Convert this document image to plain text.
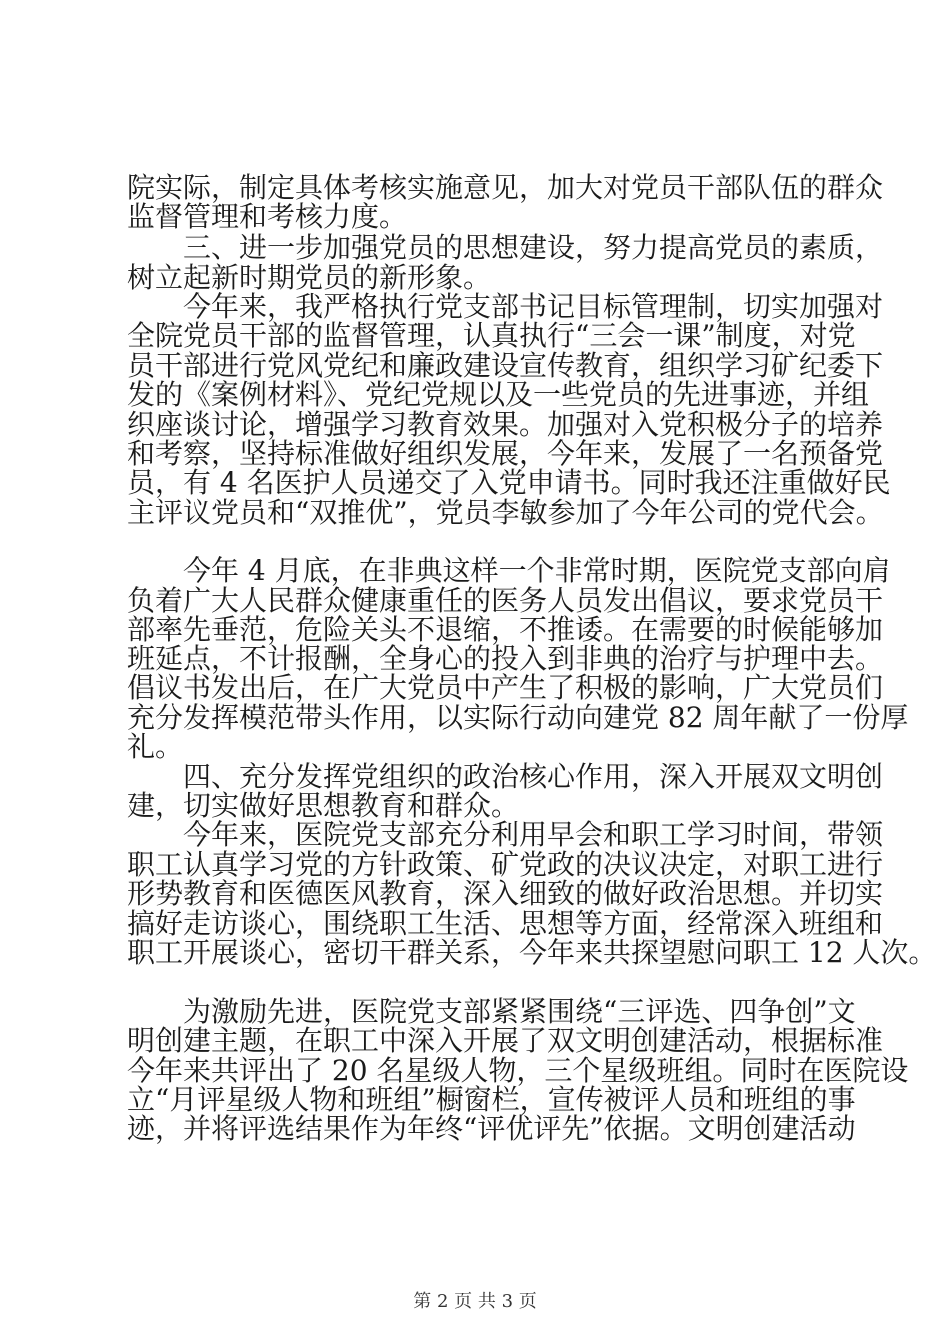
院实际，制定具体考核实施意见，加大对党员干部队伍的群众
监督管理和考核力度。
三、进一步加强党员的思想建设，努力提高党员的素质，
树立起新时期党员的新形象。
今年来，我严格执行党支部书记目标管理制，切实加强对
全院党员干部的监督管理，认真执行“三会一课”制度，对党
员干部进行党风党纪和廉政建设宣传教育，组织学习矿纪委下
发的《案例材料》、党纪党规以及一些党员的先进事迹，并组
织座谈讨论，增强学习教育效果。加强对入党积极分子的培养
和考察，坚持标准做好组织发展，今年来，发展了一名预备党
员，有 4 名医护人员递交了入党申请书。同时我还注重做好民
主评议党员和“双推优”，党员李敏参加了今年公司的党代会。
今年 4 月底，在非典这样一个非常时期，医院党支部向肩
负着广大人民群众健康重任的医务人员发出倡议，要求党员干
部率先垂范，危险关头不退缩，不推诿。在需要的时候能够加
班延点，不计报酬，全身心的投入到非典的治疗与护理中去。
倡议书发出后，在广大党员中产生了积极的影响，广大党员们
充分发挥模范带头作用，以实际行动向建党 82 周年献了一份厚
礼。
四、充分发挥党组织的政治核心作用，深入开展双文明创
建，切实做好思想教育和群众。
今年来，医院党支部充分利用早会和职工学习时间，带领
职工认真学习党的方针政策、矿党政的决议决定，对职工进行
形势教育和医德医风教育，深入细致的做好政治思想。并切实
搞好走访谈心，围绕职工生活、思想等方面，经常深入班组和
职工开展谈心，密切干群关系，今年来共探望慰问职工 12 人次。
为激励先进，医院党支部紧紧围绕“三评选、四争创”文
明创建主题，在职工中深入开展了双文明创建活动，根据标准
今年来共评出了 20 名星级人物，三个星级班组。同时在医院设
立“月评星级人物和班组”橱窗栏，宣传被评人员和班组的事
迹，并将评选结果作为年终“评优评先”依据。文明创建活动
第 2 页 共 3 页
